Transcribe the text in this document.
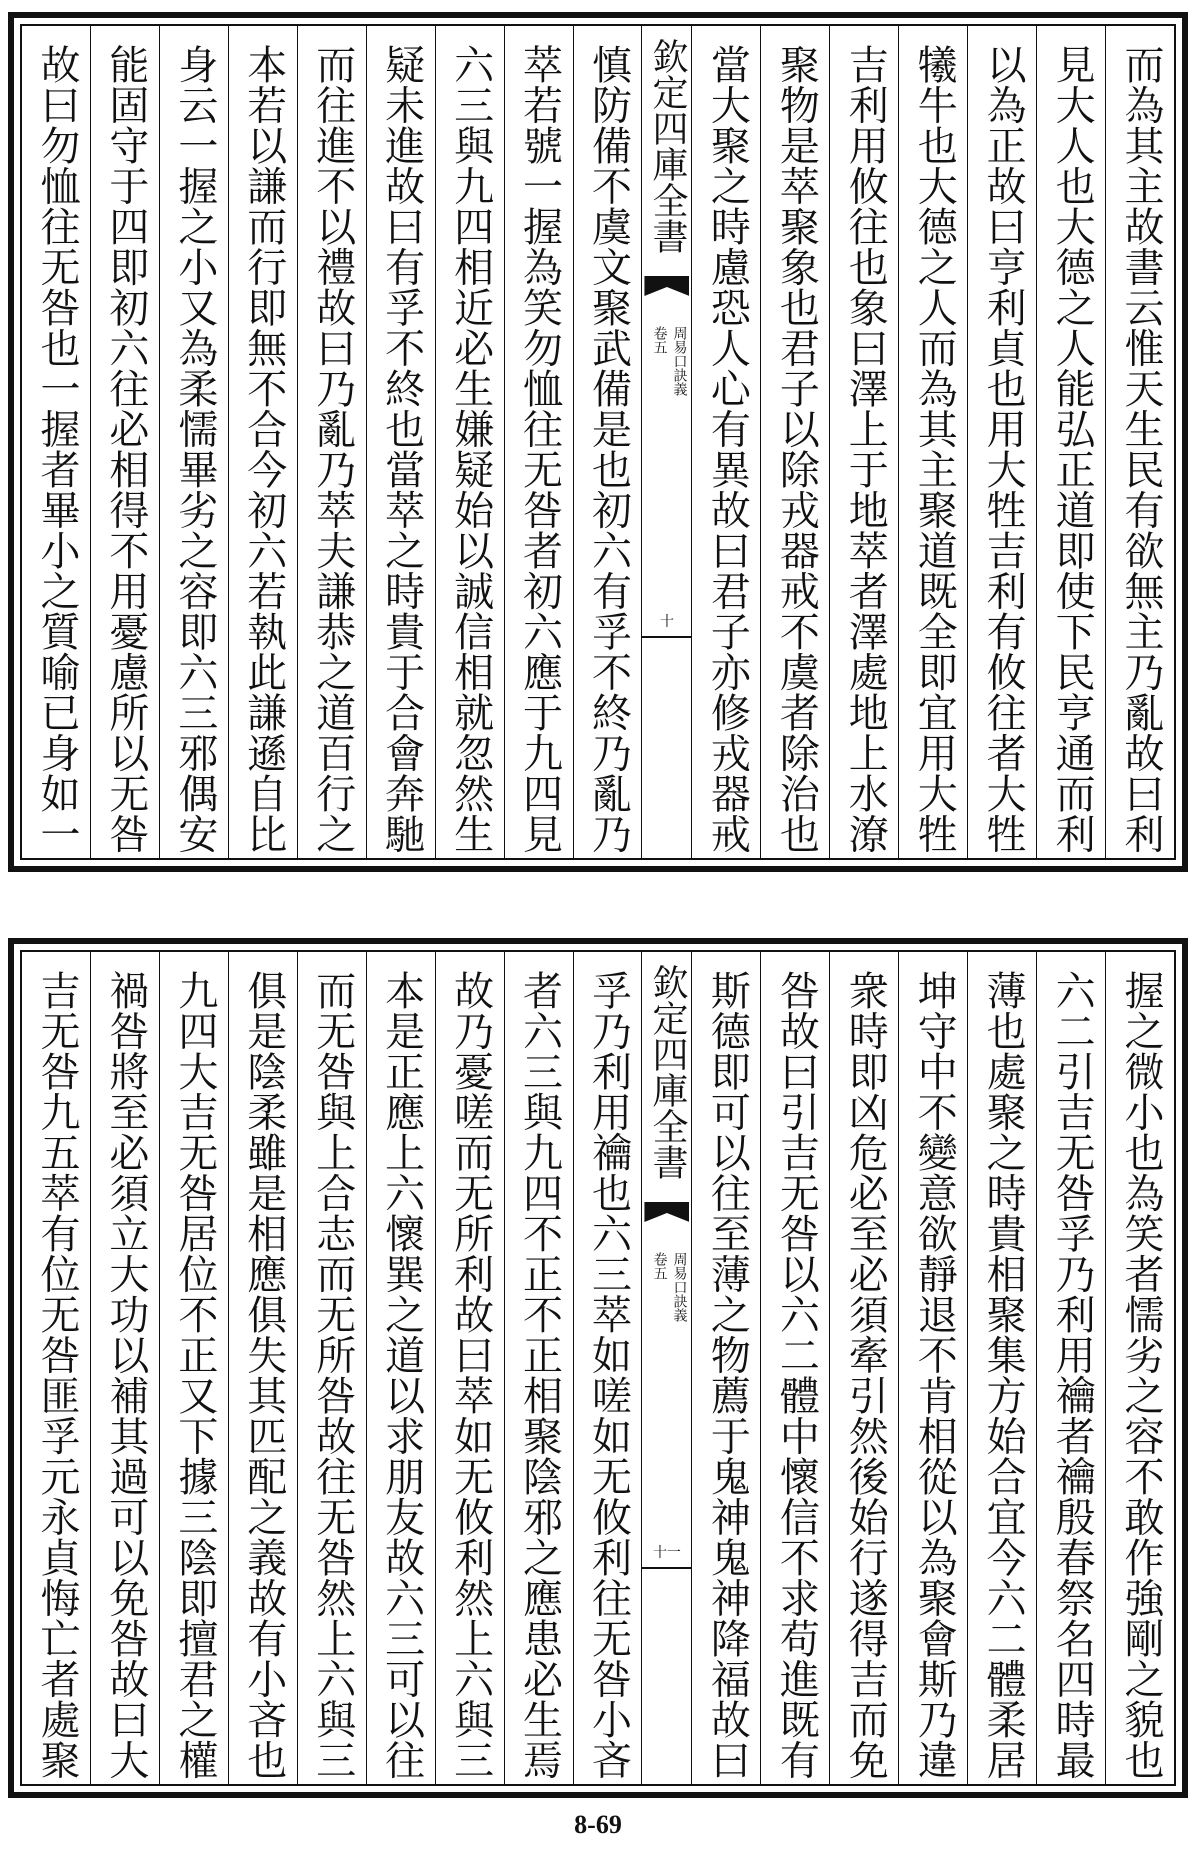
而為其主故書云惟天生民有欲無主乃亂故曰利
見大人也大德之人能弘正道即使下民亨通而利
以為正故曰亨利貞也用大牲吉利有攸往者大牲
犧牛也大德之人而為其主聚道既全即宜用大牲
吉利用攸往也象曰澤上于地萃者澤處地上水潦
聚物是萃聚象也君子以除戎器戒不虞者除治也
當大聚之時慮恐人心有異故曰君子亦修戎器戒
欽定四庫全書
周易口訣義
卷五
十
慎防備不虞文聚武備是也初六有孚不終乃亂乃
萃若號一握為笑勿恤往无咎者初六應于九四見
六三與九四相近必生嫌疑始以誠信相就忽然生
疑未進故曰有孚不終也當萃之時貴于合會奔馳
而往進不以禮故曰乃亂乃萃夫謙恭之道百行之
本若以謙而行即無不合今初六若執此謙遜自比
身云一握之小又為柔懦畢劣之容即六三邪偶安
能固守于四即初六往必相得不用憂慮所以无咎
故曰勿恤往无咎也一握者畢小之質喻已身如一
握之微小也為笑者懦劣之容不敢作強剛之貌也
六二引吉无咎孚乃利用禴者禴殷春祭名四時最
薄也處聚之時貴相聚集方始合宜今六二體柔居
坤守中不變意欲靜退不肯相從以為聚會斯乃違
衆時即凶危必至必須牽引然後始行遂得吉而免
咎故曰引吉无咎以六二體中懷信不求苟進既有
斯德即可以往至薄之物薦于鬼神鬼神降福故曰
欽定四庫全書
周易口訣義
卷五
十一
孚乃利用禴也六三萃如嗟如无攸利往无咎小吝
者六三與九四不正不正相聚陰邪之應患必生焉
故乃憂嗟而无所利故曰萃如无攸利然上六與三
本是正應上六懷巽之道以求朋友故六三可以往
而无咎與上合志而无所咎故往无咎然上六與三
俱是陰柔雖是相應俱失其匹配之義故有小吝也
九四大吉无咎居位不正又下據三陰即擅君之權
禍咎將至必須立大功以補其過可以免咎故曰大
吉无咎九五萃有位无咎匪孚元永貞悔亡者處聚
8-69
